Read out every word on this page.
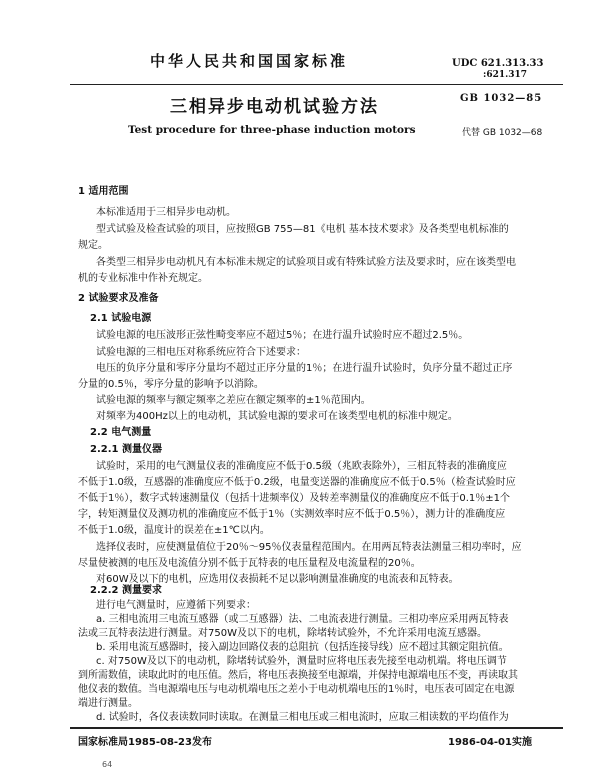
中华人民共和国国家标准	UDC 621.313.33
:621.317
GB 1032—85
三相异步电动机试验方法
Test procedure for three-phase induction motors	代替 GB 1032—68
1 适用范围
本标准适用于三相异步电动机。
型式试验及检查试验的项目，应按照GB 755—81《电机 基本技术要求》及各类型电机标准的
规定。
各类型三相异步电动机凡有本标准未规定的试验项目或有特殊试验方法及要求时，应在该类型电
机的专业标准中作补充规定。
2 试验要求及准备
2.1 试验电源
试验电源的电压波形正弦性畸变率应不超过5％；在进行温升试验时应不超过2.5％。
试验电源的三相电压对称系统应符合下述要求：
电压的负序分量和零序分量均不超过正序分量的1％；在进行温升试验时，负序分量不超过正序
分量的0.5％，零序分量的影响予以消除。
试验电源的频率与额定频率之差应在额定频率的±1％范围内。
对频率为400Hz以上的电动机，其试验电源的要求可在该类型电机的标准中规定。
2.2 电气测量
2.2.1 测量仪器
试验时，采用的电气测量仪表的准确度应不低于0.5级（兆欧表除外），三相瓦特表的准确度应
不低于1.0级，互感器的准确度应不低于0.2级，电量变送器的准确度应不低于0.5％（检查试验时应
不低于1％），数字式转速测量仪（包括十进频率仪）及转差率测量仪的准确度应不低于0.1％±1个
字，转矩测量仪及测功机的准确度应不低于1％（实测效率时应不低于0.5％），测力计的准确度应
不低于1.0级，温度计的误差在±1℃以内。
选择仪表时，应使测量值位于20％～95％仪表量程范围内。在用两瓦特表法测量三相功率时，应
尽量使被测的电压及电流值分别不低于瓦特表的电压量程及电流量程的20％。
对60W及以下的电机，应选用仪表损耗不足以影响测量准确度的电流表和瓦特表。
2.2.2 测量要求
进行电气测量时，应遵循下列要求：
a. 三相电流用三电流互感器（或二互感器）法、二电流表进行测量。三相功率应采用两瓦特表
法或三瓦特表法进行测量。对750W及以下的电机，除堵转试验外，不允许采用电流互感器。
b. 采用电流互感器时，接入副边回路仪表的总阻抗（包括连接导线）应不超过其额定阻抗值。
c. 对750W及以下的电动机，除堵转试验外，测量时应将电压表先接至电动机端。将电压调节
到所需数值，读取此时的电压值。然后，将电压表换接至电源端，并保持电源端电压不变，再读取其
他仪表的数值。当电源端电压与电动机端电压之差小于电动机端电压的1％时，电压表可固定在电源
端进行测量。
d. 试验时，各仪表读数同时读取。在测量三相电压或三相电流时，应取三相读数的平均值作为
国家标准局1985-08-23发布	1986-04-01实施
64
